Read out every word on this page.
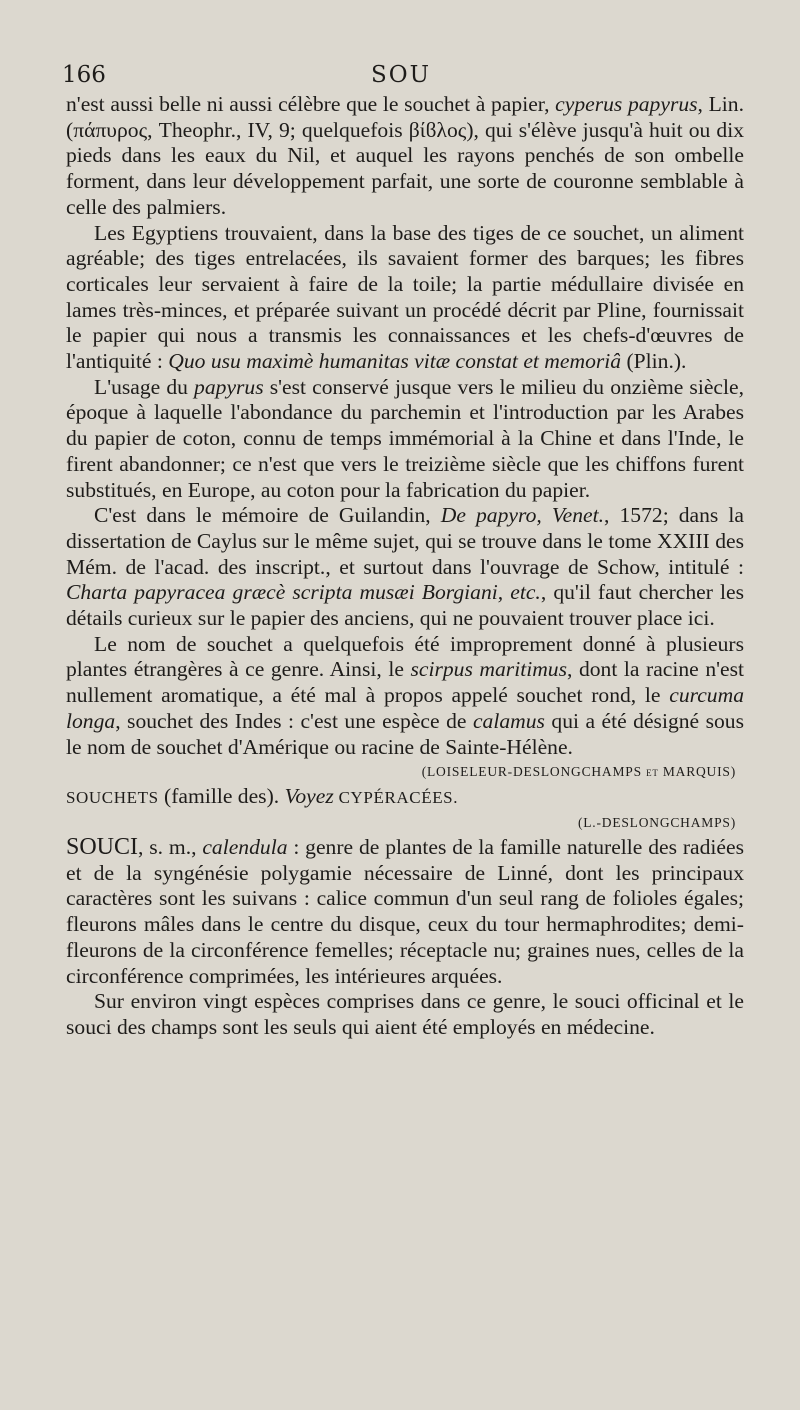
166	SOU

n'est aussi belle ni aussi célèbre que le souchet à papier, cyperus papyrus, Lin. (πάπυρος, Theophr., IV, 9; quelquefois βίϐλος), qui s'élève jusqu'à huit ou dix pieds dans les eaux du Nil, et auquel les rayons penchés de son ombelle forment, dans leur développement parfait, une sorte de couronne semblable à celle des palmiers.

Les Egyptiens trouvaient, dans la base des tiges de ce souchet, un aliment agréable; des tiges entrelacées, ils savaient former des barques; les fibres corticales leur servaient à faire de la toile; la partie médullaire divisée en lames très-minces, et préparée suivant un procédé décrit par Pline, fournissait le papier qui nous a transmis les connaissances et les chefs-d'œuvres de l'antiquité : Quo usu maximè humanitas vitæ constat et memoriâ (Plin.).

L'usage du papyrus s'est conservé jusque vers le milieu du onzième siècle, époque à laquelle l'abondance du parchemin et l'introduction par les Arabes du papier de coton, connu de temps immémorial à la Chine et dans l'Inde, le firent abandonner; ce n'est que vers le treizième siècle que les chiffons furent substitués, en Europe, au coton pour la fabrication du papier.

C'est dans le mémoire de Guilandin, De papyro, Venet., 1572; dans la dissertation de Caylus sur le même sujet, qui se trouve dans le tome XXIII des Mém. de l'acad. des inscript., et surtout dans l'ouvrage de Schow, intitulé : Charta papyracea græcè scripta musæi Borgiani, etc., qu'il faut chercher les détails curieux sur le papier des anciens, qui ne pouvaient trouver place ici.

Le nom de souchet a quelquefois été improprement donné à plusieurs plantes étrangères à ce genre. Ainsi, le scirpus maritimus, dont la racine n'est nullement aromatique, a été mal à propos appelé souchet rond, le curcuma longa, souchet des Indes : c'est une espèce de calamus qui a été désigné sous le nom de souchet d'Amérique ou racine de Sainte-Hélène.

(LOISELEUR-DESLONGCHAMPS et MARQUIS)

SOUCHETS (famille des). Voyez CYPÉRACÉES.

(L.-DESLONGCHAMPS)

SOUCI, s. m., calendula : genre de plantes de la famille naturelle des radiées et de la syngénésie polygamie nécessaire de Linné, dont les principaux caractères sont les suivans : calice commun d'un seul rang de folioles égales; fleurons mâles dans le centre du disque, ceux du tour hermaphrodites; demi-fleurons de la circonférence femelles; réceptacle nu; graines nues, celles de la circonférence comprimées, les intérieures arquées.

Sur environ vingt espèces comprises dans ce genre, le souci officinal et le souci des champs sont les seuls qui aient été employés en médecine.
